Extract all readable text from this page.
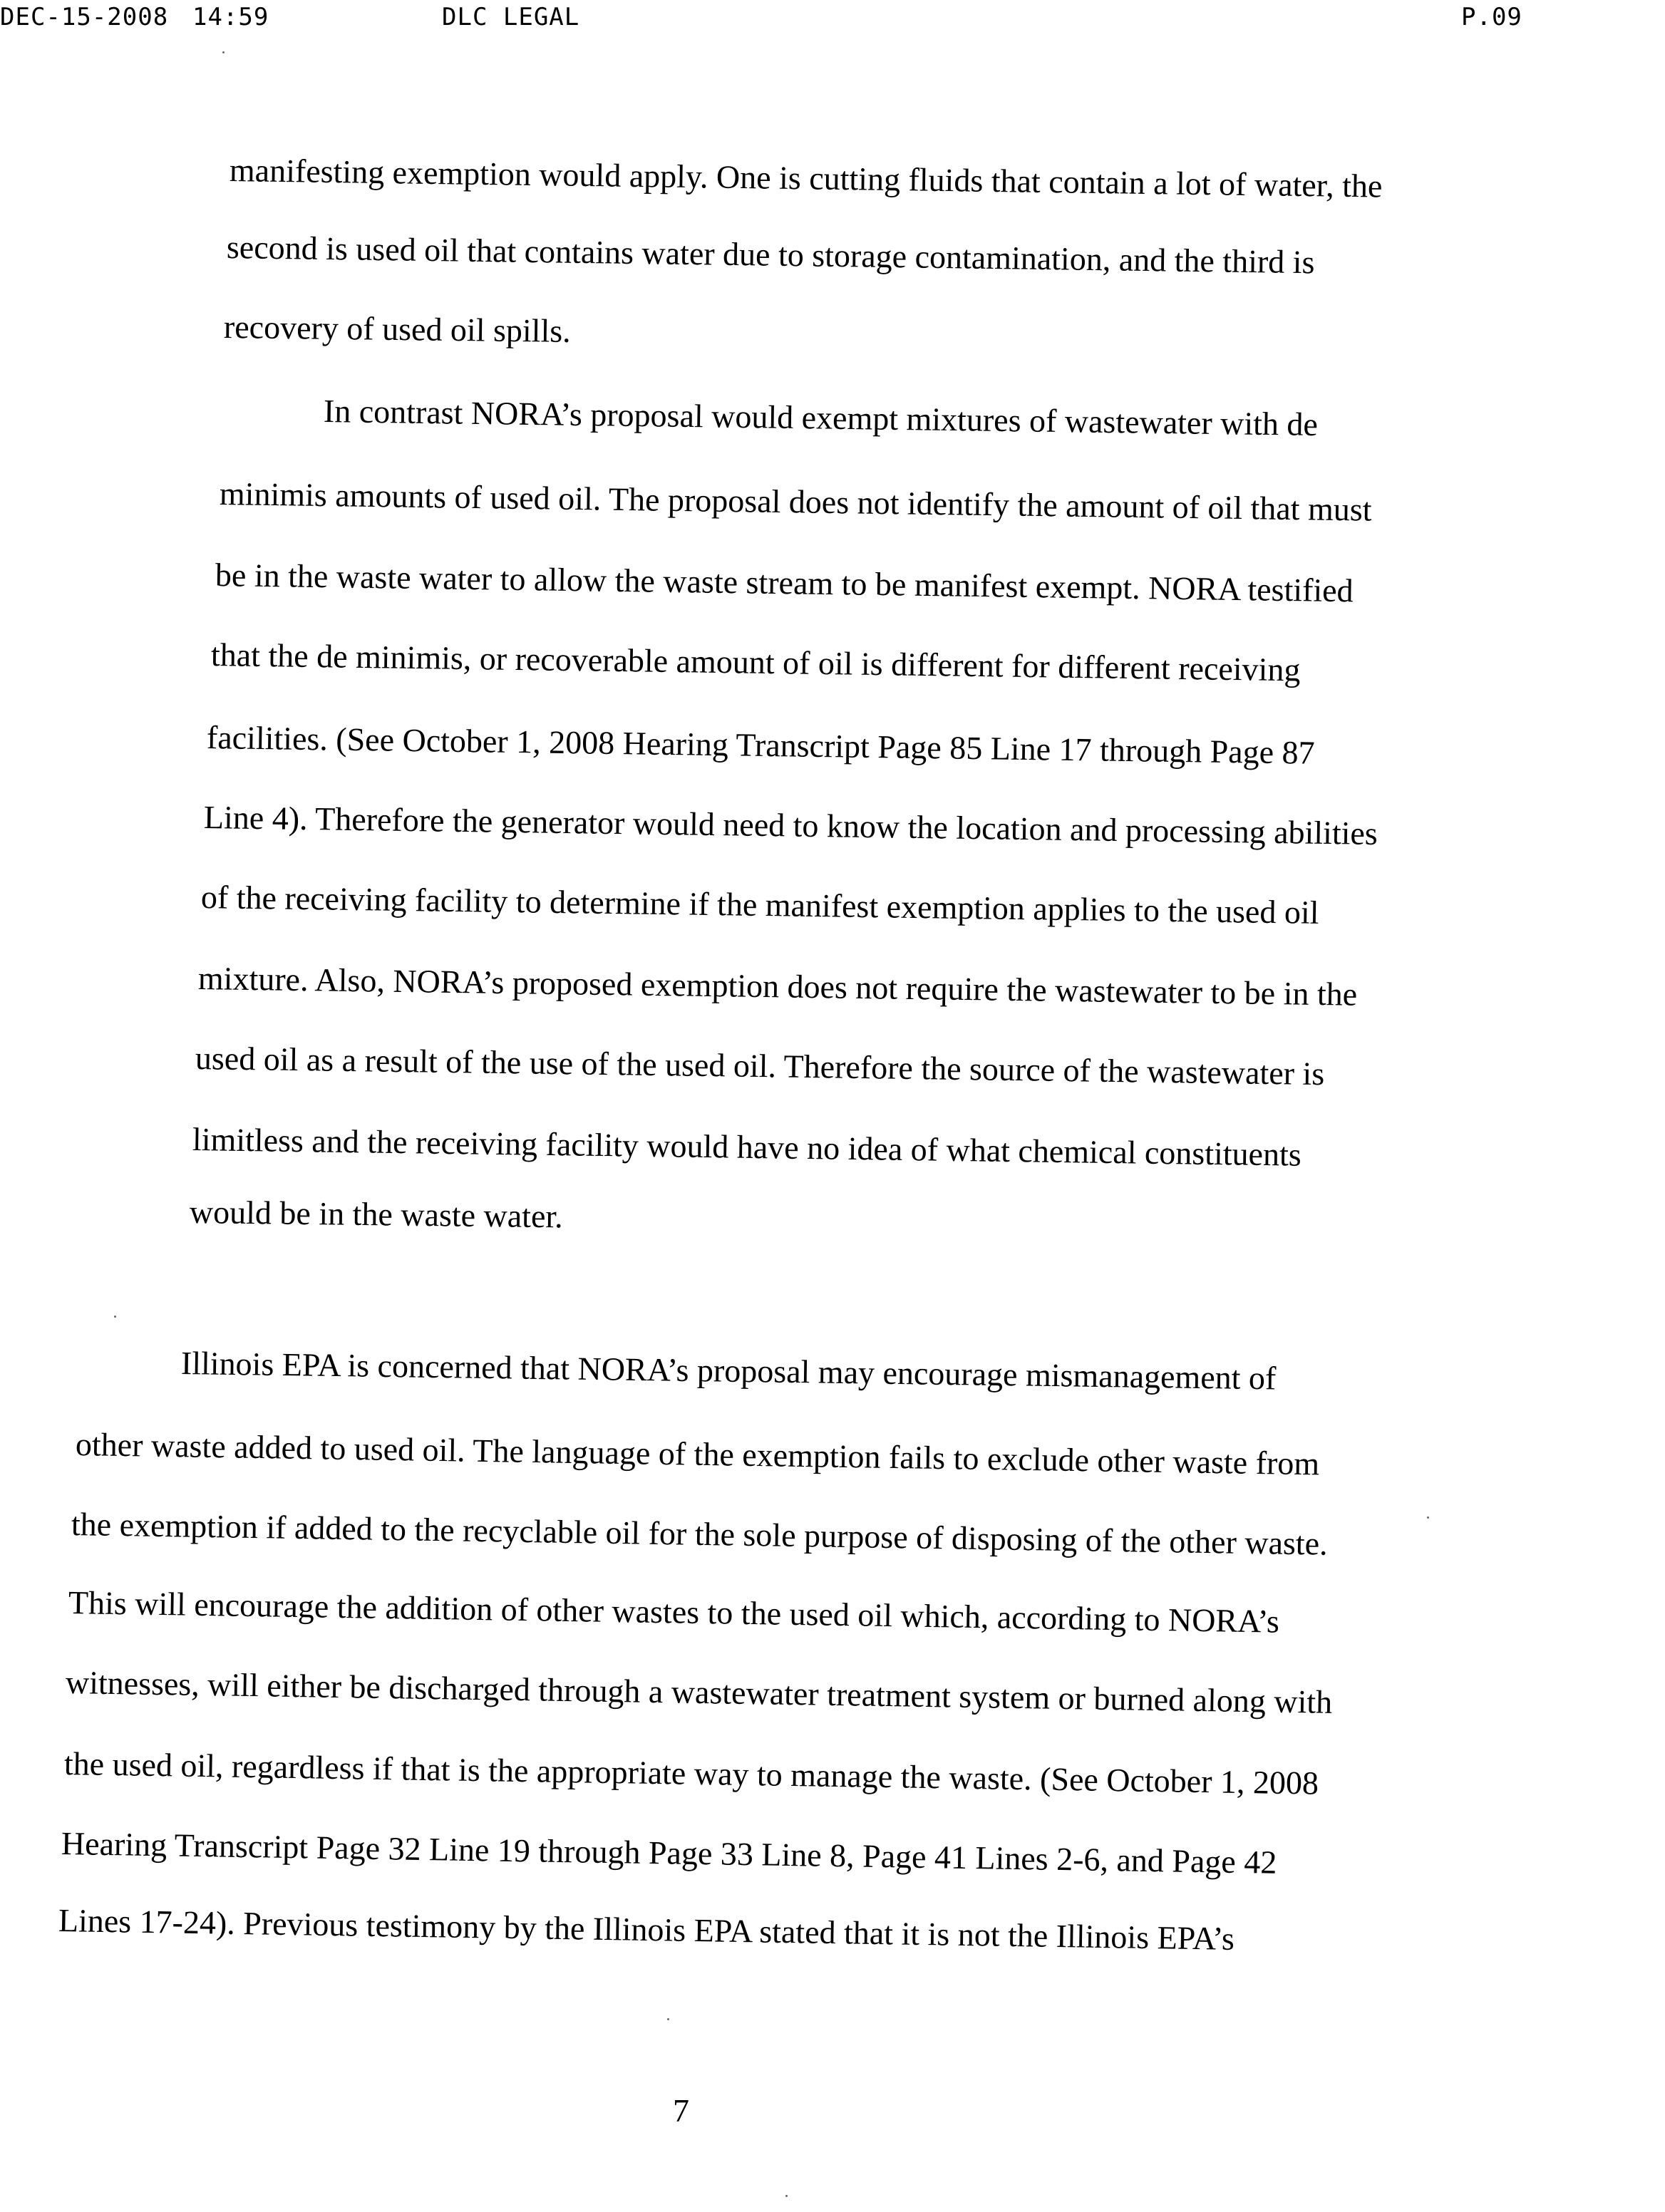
DEC-15-2008 14:59	DLC LEGAL	P.09
manifesting exemption would apply. One is cutting fluids that contain a lot of water, the
second is used oil that contains water due to storage contamination, and the third is
recovery of used oil spills.
In contrast NORA’s proposal would exempt mixtures of wastewater with de
minimis amounts of used oil. The proposal does not identify the amount of oil that must
be in the waste water to allow the waste stream to be manifest exempt. NORA testified
that the de minimis, or recoverable amount of oil is different for different receiving
facilities. (See October 1, 2008 Hearing Transcript Page 85 Line 17 through Page 87
Line 4). Therefore the generator would need to know the location and processing abilities
of the receiving facility to determine if the manifest exemption applies to the used oil
mixture. Also, NORA’s proposed exemption does not require the wastewater to be in the
used oil as a result of the use of the used oil. Therefore the source of the wastewater is
limitless and the receiving facility would have no idea of what chemical constituents
would be in the waste water.
Illinois EPA is concerned that NORA’s proposal may encourage mismanagement of
other waste added to used oil. The language of the exemption fails to exclude other waste from
the exemption if added to the recyclable oil for the sole purpose of disposing of the other waste.
This will encourage the addition of other wastes to the used oil which, according to NORA’s
witnesses, will either be discharged through a wastewater treatment system or burned along with
the used oil, regardless if that is the appropriate way to manage the waste. (See October 1, 2008
Hearing Transcript Page 32 Line 19 through Page 33 Line 8, Page 41 Lines 2-6, and Page 42
Lines 17-24). Previous testimony by the Illinois EPA stated that it is not the Illinois EPA’s
7
